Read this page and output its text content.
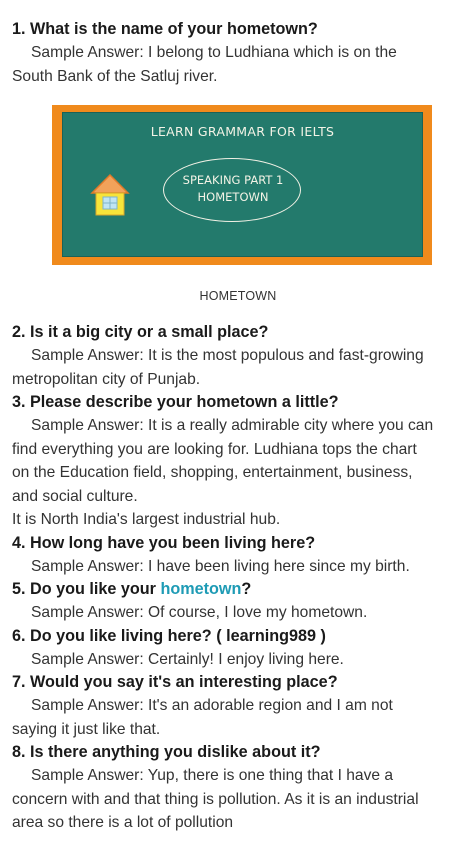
1. What is the name of your hometown?

Sample Answer: I belong to Ludhiana which is on the
South Bank of the Satluj river.

LEARN GRAMMAR FOR IELTS
SPEAKING PART 1
HOMETOWN
HOMETOWN

2. Is it a big city or a small place?

Sample Answer: It is the most populous and fast-growing
metropolitan city of Punjab.

3. Please describe your hometown a little?

Sample Answer: It is a really admirable city where you can
find everything you are looking for. Ludhiana tops the chart
on the Education field, shopping, entertainment, business,
and social culture.
It is North India's largest industrial hub.

4. How long have you been living here?

Sample Answer: I have been living here since my birth.

5. Do you like your hometown?

Sample Answer: Of course, I love my hometown.

6. Do you like living here? ( learning989 )

Sample Answer: Certainly! I enjoy living here.

7. Would you say it's an interesting place?

Sample Answer: It's an adorable region and I am not
saying it just like that.

8. Is there anything you dislike about it?

Sample Answer: Yup, there is one thing that I have a
concern with and that thing is pollution. As it is an industrial
area so there is a lot of pollution
